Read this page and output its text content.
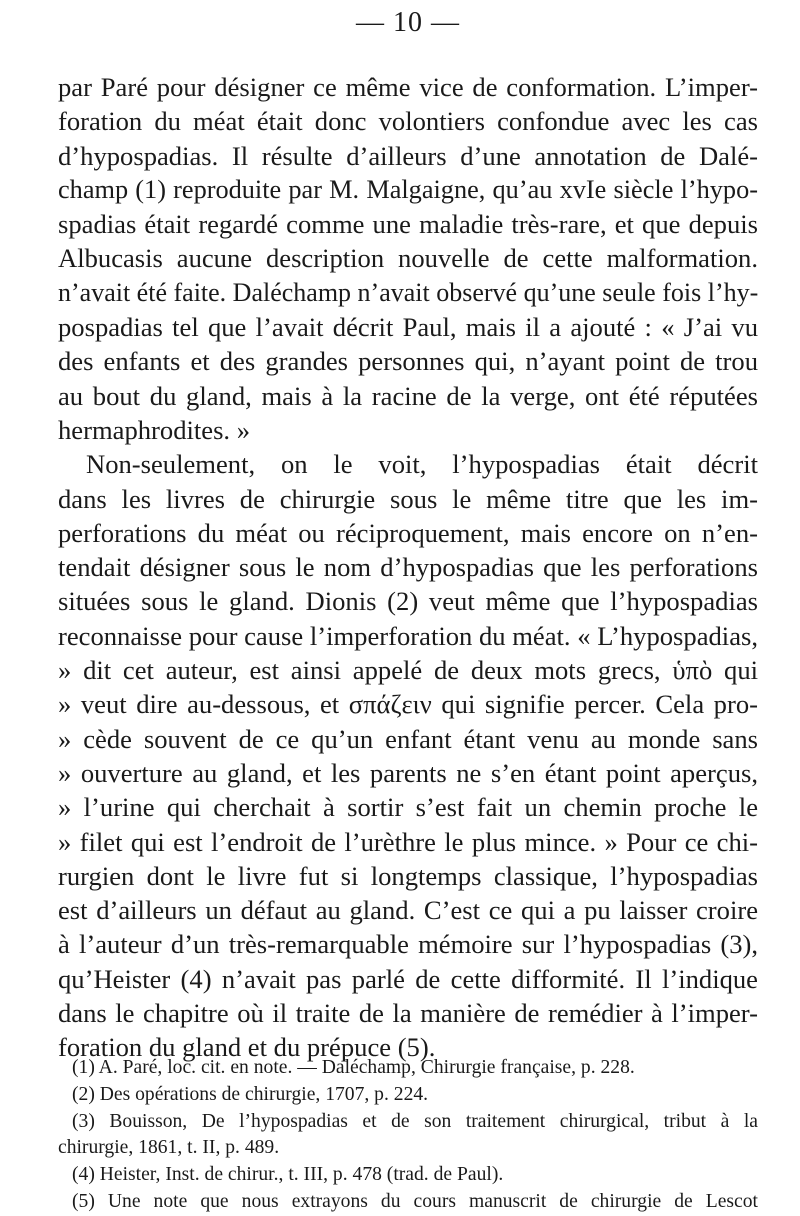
— 10 —
par Paré pour désigner ce même vice de conformation. L’imper-
foration du méat était donc volontiers confondue avec les cas
d’hypospadias. Il résulte d’ailleurs d’une annotation de Dalé-
champ (1) reproduite par M. Malgaigne, qu’au xvIe siècle l’hypo-
spadias était regardé comme une maladie très-rare, et que depuis
Albucasis aucune description nouvelle de cette malformation.
n’avait été faite. Daléchamp n’avait observé qu’une seule fois l’hy-
pospadias tel que l’avait décrit Paul, mais il a ajouté : « J’ai vu
des enfants et des grandes personnes qui, n’ayant point de trou
au bout du gland, mais à la racine de la verge, ont été réputées
hermaphrodites. »
Non-seulement, on le voit, l’hypospadias était décrit
dans les livres de chirurgie sous le même titre que les im-
perforations du méat ou réciproquement, mais encore on n’en-
tendait désigner sous le nom d’hypospadias que les perforations
situées sous le gland. Dionis (2) veut même que l’hypospadias
reconnaisse pour cause l’imperforation du méat. « L’hypospadias,
» dit cet auteur, est ainsi appelé de deux mots grecs, ὑπὸ qui
» veut dire au-dessous, et σπάζειν qui signifie percer. Cela pro-
» cède souvent de ce qu’un enfant étant venu au monde sans
» ouverture au gland, et les parents ne s’en étant point aperçus,
» l’urine qui cherchait à sortir s’est fait un chemin proche le
» filet qui est l’endroit de l’urèthre le plus mince. » Pour ce chi-
rurgien dont le livre fut si longtemps classique, l’hypospadias
est d’ailleurs un défaut au gland. C’est ce qui a pu laisser croire
à l’auteur d’un très-remarquable mémoire sur l’hypospadias (3),
qu’Heister (4) n’avait pas parlé de cette difformité. Il l’indique
dans le chapitre où il traite de la manière de remédier à l’imper-
foration du gland et du prépuce (5).
(1) A. Paré, loc. cit. en note. — Daléchamp, Chirurgie française, p. 228.
(2) Des opérations de chirurgie, 1707, p. 224.
(3) Bouisson, De l’hypospadias et de son traitement chirurgical, tribut à la
chirurgie, 1861, t. II, p. 489.
(4) Heister, Inst. de chirur., t. III, p. 478 (trad. de Paul).
(5) Une note que nous extrayons du cours manuscrit de chirurgie de Lescot
